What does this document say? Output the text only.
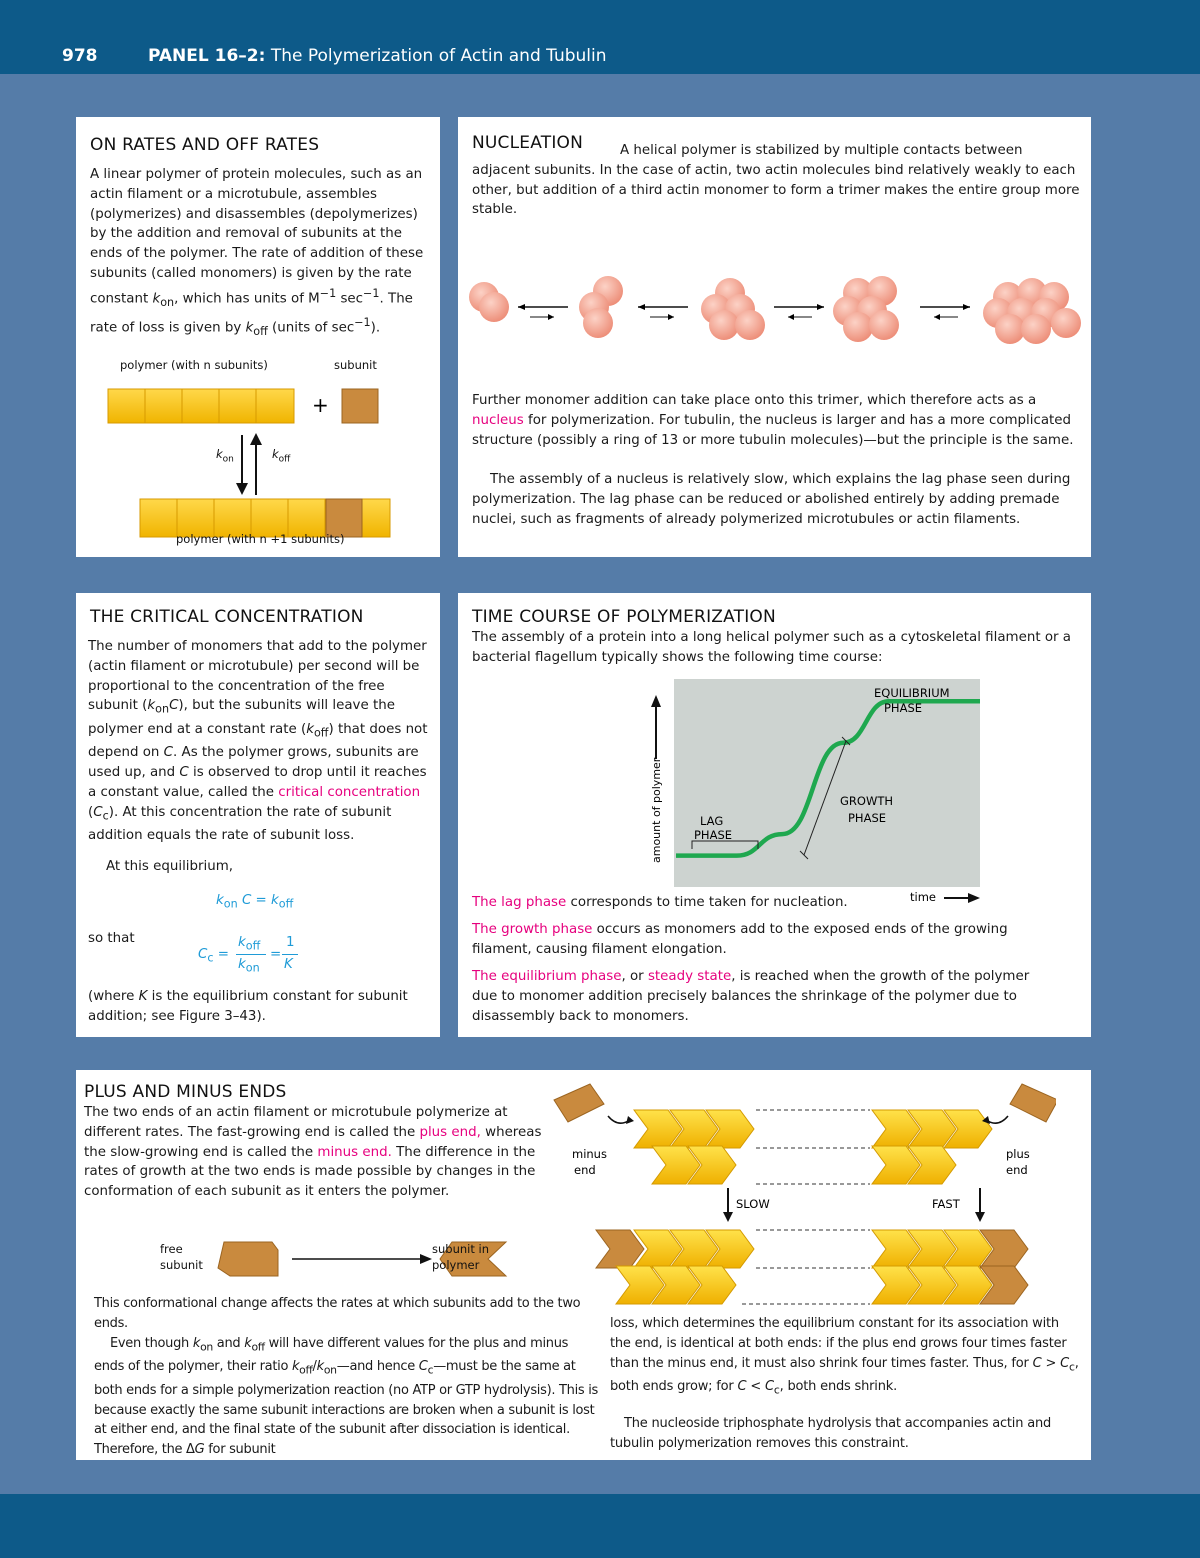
978	PANEL 16–2: The Polymerization of Actin and Tubulin
ON RATES AND OFF RATES
A linear polymer of protein molecules, such as an actin filament or a microtubule, assembles (polymerizes) and disassembles (depolymerizes) by the addition and removal of subunits at the ends of the polymer. The rate of addition of these subunits (called monomers) is given by the rate constant $k_{on}$, which has units of $M^{-1}$ $\sec^{-1}$. The rate of loss is given by $k_{off}$ (units of $\sec^{-1}$).
polymer (with n subunits)	subunit
+
$k_{on}$	$k_{off}$
polymer (with n +1 subunits)
NUCLEATION	A helical polymer is stabilized by multiple contacts between adjacent subunits. In the case of actin, two actin molecules bind relatively weakly to each other, but addition of a third actin monomer to form a trimer makes the entire group more stable.
Further monomer addition can take place onto this trimer, which therefore acts as a nucleus for polymerization. For tubulin, the nucleus is larger and has a more complicated structure (possibly a ring of 13 or more tubulin molecules)—but the principle is the same.
The assembly of a nucleus is relatively slow, which explains the lag phase seen during polymerization. The lag phase can be reduced or abolished entirely by adding premade nuclei, such as fragments of already polymerized microtubules or actin filaments.
THE CRITICAL CONCENTRATION
The number of monomers that add to the polymer (actin filament or microtubule) per second will be proportional to the concentration of the free subunit $(k_{on}C)$, but the subunits will leave the polymer end at a constant rate $(k_{off})$ that does not depend on C. As the polymer grows, subunits are used up, and C is observed to drop until it reaches a constant value, called the critical concentration $(C_c)$. At this concentration the rate of subunit addition equals the rate of subunit loss.
At this equilibrium,
$k_{on}$ $C = k_{off}$
so that
$C_c$ =
$k_{off}$
$k_{on}$
=
1
K
(where K is the equilibrium constant for subunit addition; see Figure 3–43).
TIME COURSE OF POLYMERIZATION
The assembly of a protein into a long helical polymer such as a cytoskeletal filament or a bacterial flagellum typically shows the following time course:
amount of polymer
EQUILIBRIUM
PHASE
GROWTH
PHASE
LAG
PHASE
time
The lag phase corresponds to time taken for nucleation.
The growth phase occurs as monomers add to the exposed ends of the growing filament, causing filament elongation.
The equilibrium phase, or steady state, is reached when the growth of the polymer due to monomer addition precisely balances the shrinkage of the polymer due to disassembly back to monomers.
PLUS AND MINUS ENDS
The two ends of an actin filament or microtubule polymerize at different rates. The fast-growing end is called the plus end, whereas the slow-growing end is called the minus end. The difference in the rates of growth at the two ends is made possible by changes in the conformation of each subunit as it enters the polymer.
free
subunit
subunit in
polymer
minus
end
plus
end
SLOW	FAST
This conformational change affects the rates at which subunits add to the two ends.
Even though $k_{on}$ and $k_{off}$ will have different values for the plus and minus ends of the polymer, their ratio $k_{off}/k_{on}—and$ hence $C_c—must$ be the same at both ends for a simple polymerization reaction (no ATP or GTP hydrolysis). This is because exactly the same subunit interactions are broken when a subunit is lost at either end, and the final state of the subunit after dissociation is identical. Therefore, the ΔG for subunit
loss, which determines the equilibrium constant for its association with the end, is identical at both ends: if the plus end grows four times faster than the minus end, it must also shrink four times faster. Thus, for $C > C_c$, both ends grow; for $C < C_c$, both ends shrink.
The nucleoside triphosphate hydrolysis that accompanies actin and tubulin polymerization removes this constraint.
